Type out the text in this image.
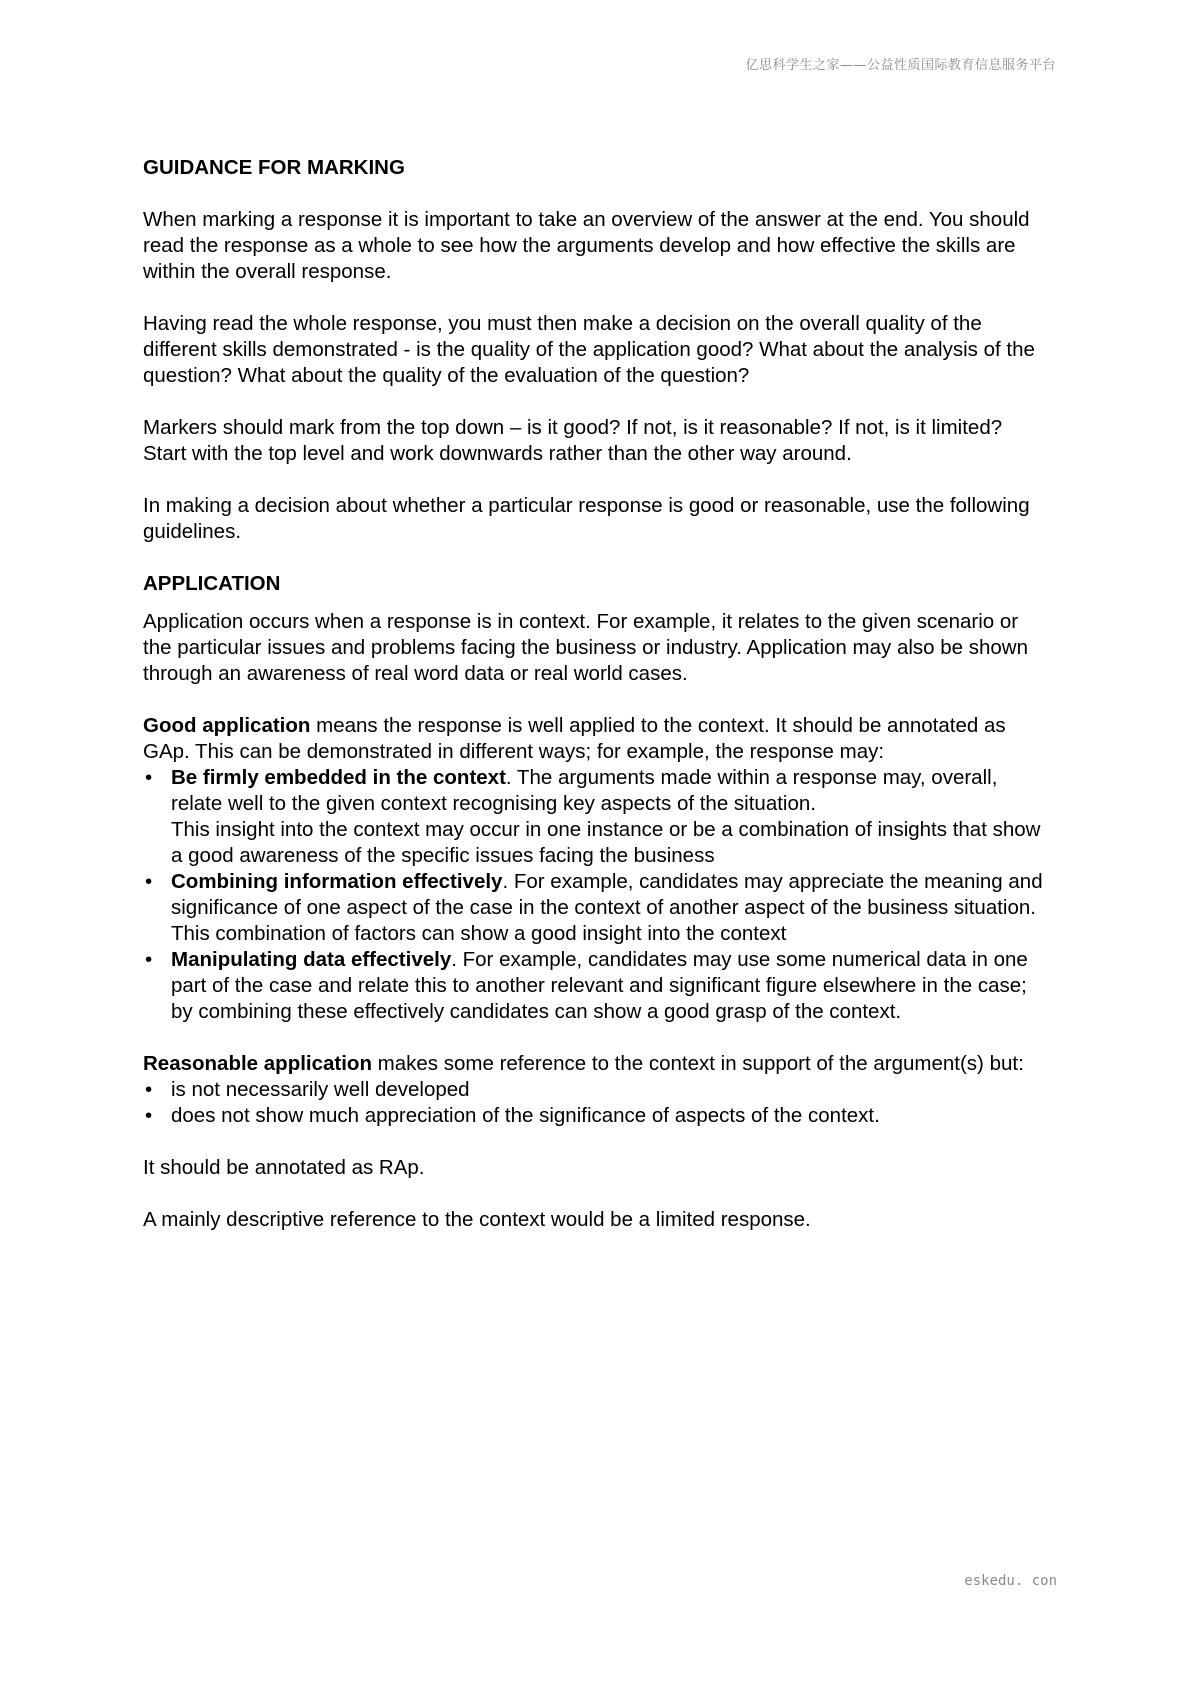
亿思科学生之家——公益性质国际教育信息服务平台
GUIDANCE FOR MARKING

When marking a response it is important to take an overview of the answer at the end. You should read the response as a whole to see how the arguments develop and how effective the skills are within the overall response.

Having read the whole response, you must then make a decision on the overall quality of the different skills demonstrated - is the quality of the application good? What about the analysis of the question? What about the quality of the evaluation of the question?

Markers should mark from the top down – is it good? If not, is it reasonable? If not, is it limited? Start with the top level and work downwards rather than the other way around.

In making a decision about whether a particular response is good or reasonable, use the following guidelines.

APPLICATION

Application occurs when a response is in context. For example, it relates to the given scenario or the particular issues and problems facing the business or industry. Application may also be shown through an awareness of real word data or real world cases.

Good application means the response is well applied to the context. It should be annotated as GAp. This can be demonstrated in different ways; for example, the response may:

• Be firmly embedded in the context. The arguments made within a response may, overall, relate well to the given context recognising key aspects of the situation.
This insight into the context may occur in one instance or be a combination of insights that show a good awareness of the specific issues facing the business
• Combining information effectively. For example, candidates may appreciate the meaning and significance of one aspect of the case in the context of another aspect of the business situation. This combination of factors can show a good insight into the context
• Manipulating data effectively. For example, candidates may use some numerical data in one part of the case and relate this to another relevant and significant figure elsewhere in the case; by combining these effectively candidates can show a good grasp of the context.

Reasonable application makes some reference to the context in support of the argument(s) but:

• is not necessarily well developed
• does not show much appreciation of the significance of aspects of the context.

It should be annotated as RAp.

A mainly descriptive reference to the context would be a limited response.

eskedu. con
